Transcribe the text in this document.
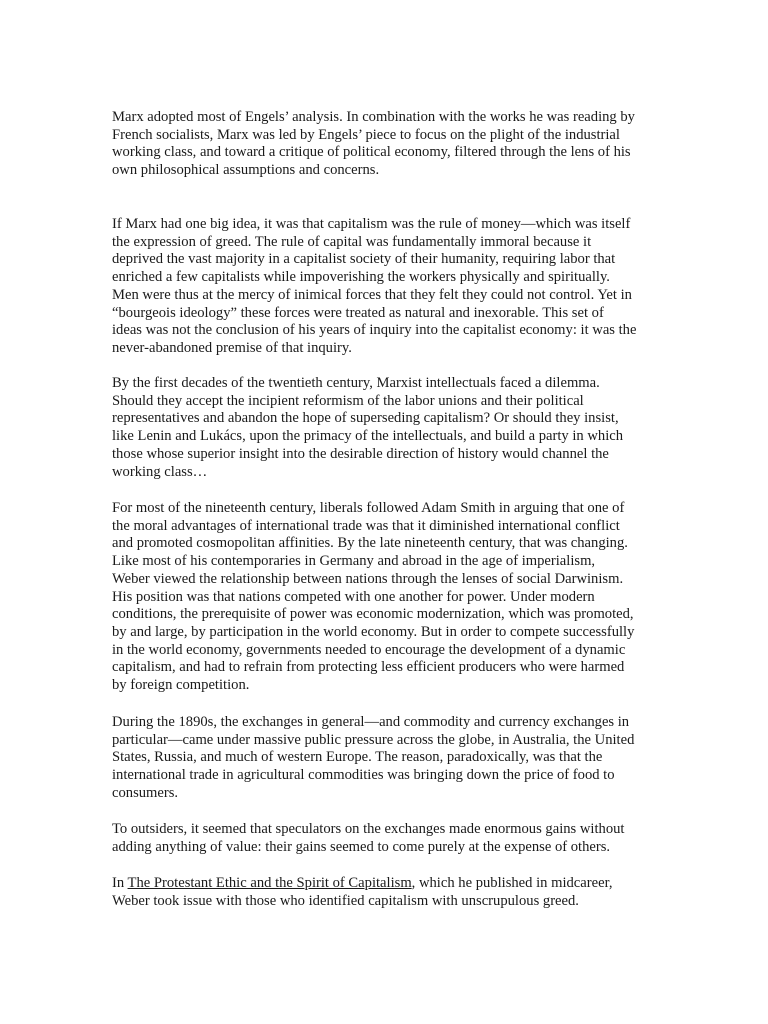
Marx adopted most of Engels’ analysis. In combination with the works he was reading by
French socialists, Marx was led by Engels’ piece to focus on the plight of the industrial
working class, and toward a critique of political economy, filtered through the lens of his
own philosophical assumptions and concerns.

If Marx had one big idea, it was that capitalism was the rule of money—which was itself
the expression of greed. The rule of capital was fundamentally immoral because it
deprived the vast majority in a capitalist society of their humanity, requiring labor that
enriched a few capitalists while impoverishing the workers physically and spiritually.
Men were thus at the mercy of inimical forces that they felt they could not control. Yet in
“bourgeois ideology” these forces were treated as natural and inexorable. This set of
ideas was not the conclusion of his years of inquiry into the capitalist economy: it was the
never-abandoned premise of that inquiry.

By the first decades of the twentieth century, Marxist intellectuals faced a dilemma.
Should they accept the incipient reformism of the labor unions and their political
representatives and abandon the hope of superseding capitalism? Or should they insist,
like Lenin and Lukács, upon the primacy of the intellectuals, and build a party in which
those whose superior insight into the desirable direction of history would channel the
working class…

For most of the nineteenth century, liberals followed Adam Smith in arguing that one of
the moral advantages of international trade was that it diminished international conflict
and promoted cosmopolitan affinities. By the late nineteenth century, that was changing.
Like most of his contemporaries in Germany and abroad in the age of imperialism,
Weber viewed the relationship between nations through the lenses of social Darwinism.
His position was that nations competed with one another for power. Under modern
conditions, the prerequisite of power was economic modernization, which was promoted,
by and large, by participation in the world economy. But in order to compete successfully
in the world economy, governments needed to encourage the development of a dynamic
capitalism, and had to refrain from protecting less efficient producers who were harmed
by foreign competition.

During the 1890s, the exchanges in general—and commodity and currency exchanges in
particular—came under massive public pressure across the globe, in Australia, the United
States, Russia, and much of western Europe. The reason, paradoxically, was that the
international trade in agricultural commodities was bringing down the price of food to
consumers.

To outsiders, it seemed that speculators on the exchanges made enormous gains without
adding anything of value: their gains seemed to come purely at the expense of others.

In The Protestant Ethic and the Spirit of Capitalism, which he published in midcareer,
Weber took issue with those who identified capitalism with unscrupulous greed.
